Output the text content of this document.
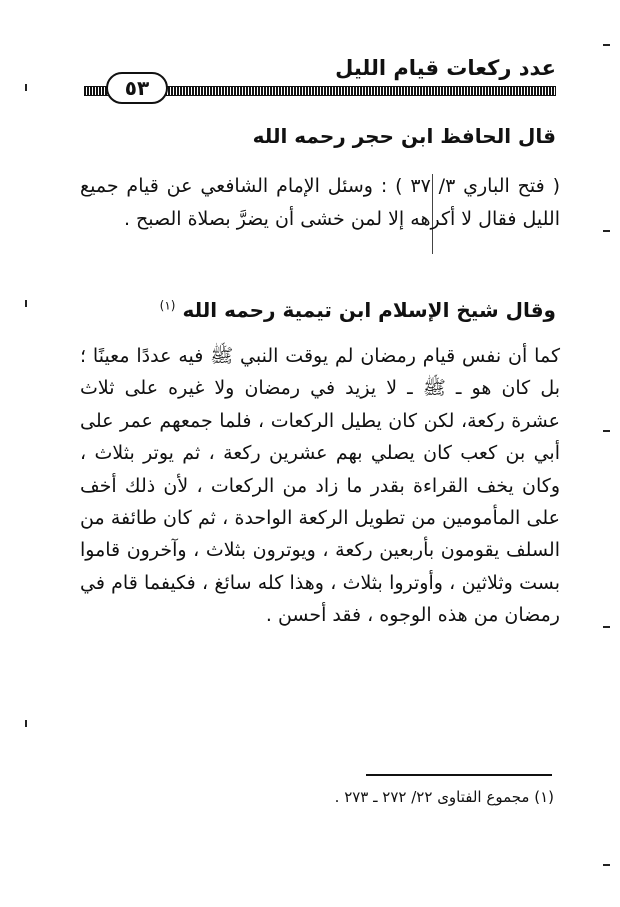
عدد ركعات قيام الليل
٥٣
قال الحافظ ابن حجر رحمه الله
( فتح الباري ٣/ ٣٧ ) : وسئل الإمام الشافعي عن قيام جميع الليل فقال لا أكرهه إلا لمن خشى أن يضرَّ بصلاة الصبح .
وقال شيخ الإسلام ابن تيمية رحمه الله $^{(١)}$
كما أن نفس قيام رمضان لم يوقت النبي ﷺ فيه عددًا معينًا ؛ بل كان هو ـ ﷺ ـ لا يزيد في رمضان ولا غيره على ثلاث عشرة ركعة، لكن كان يطيل الركعات ، فلما جمعهم عمر على أبي بن كعب كان يصلي بهم عشرين ركعة ، ثم يوتر بثلاث ، وكان يخف القراءة بقدر ما زاد من الركعات ، لأن ذلك أخف على المأمومين من تطويل الركعة الواحدة ، ثم كان طائفة من السلف يقومون بأربعين ركعة ، ويوترون بثلاث ، وآخرون قاموا بست وثلاثين ، وأوتروا بثلاث ، وهذا كله سائغ ، فكيفما قام في رمضان من هذه الوجوه ، فقد أحسن .
(١) مجموع الفتاوى ٢٢/ ٢٧٢ ـ ٢٧٣ .
